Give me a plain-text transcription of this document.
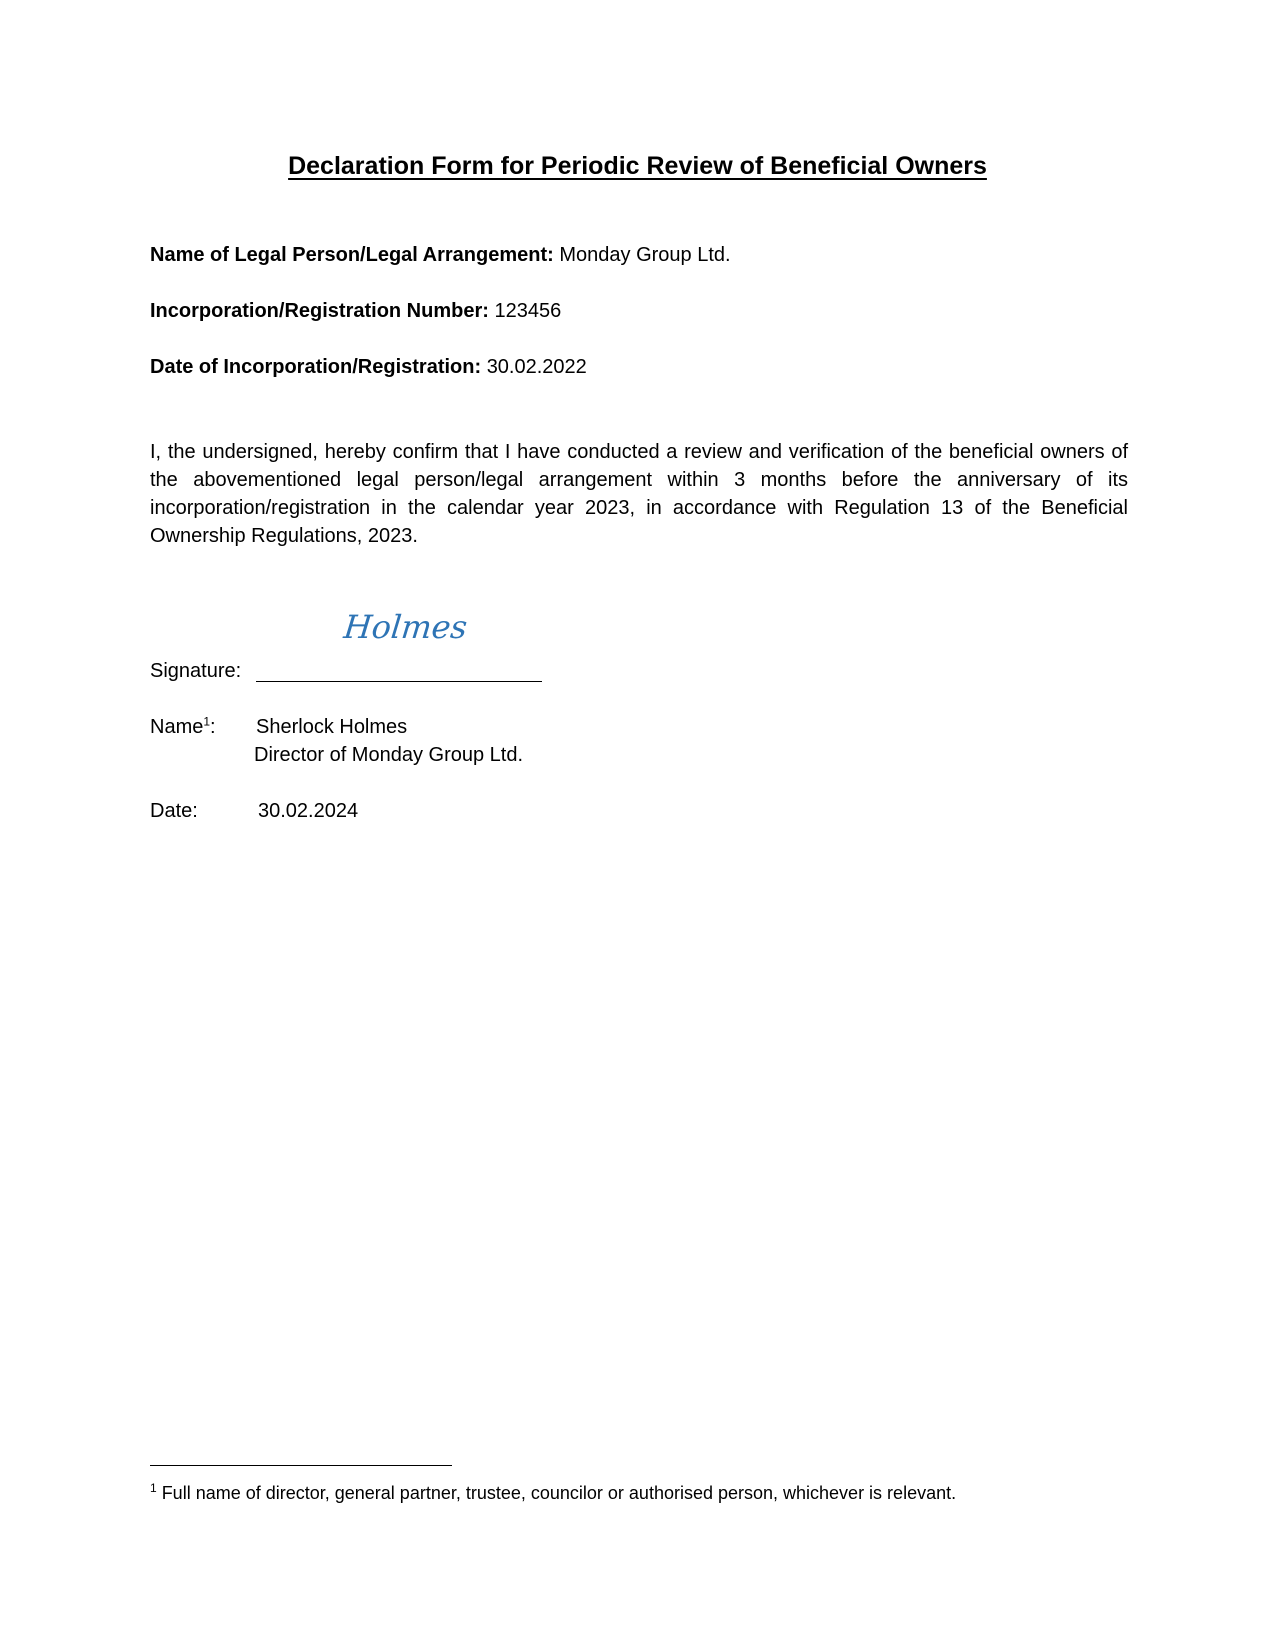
Declaration Form for Periodic Review of Beneficial Owners
Name of Legal Person/Legal Arrangement: Monday Group Ltd.
Incorporation/Registration Number: 123456
Date of Incorporation/Registration: 30.02.2022
I, the undersigned, hereby confirm that I have conducted a review and verification of the beneficial owners of the abovementioned legal person/legal arrangement within 3 months before the anniversary of its incorporation/registration in the calendar year 2023, in accordance with Regulation 13 of the Beneficial Ownership Regulations, 2023.
Holmes
Signature:
Name$^1$: Sherlock Holmes
Director of Monday Group Ltd.
Date:	30.02.2024
$^1$ Full name of director, general partner, trustee, councilor or authorised person, whichever is relevant.
